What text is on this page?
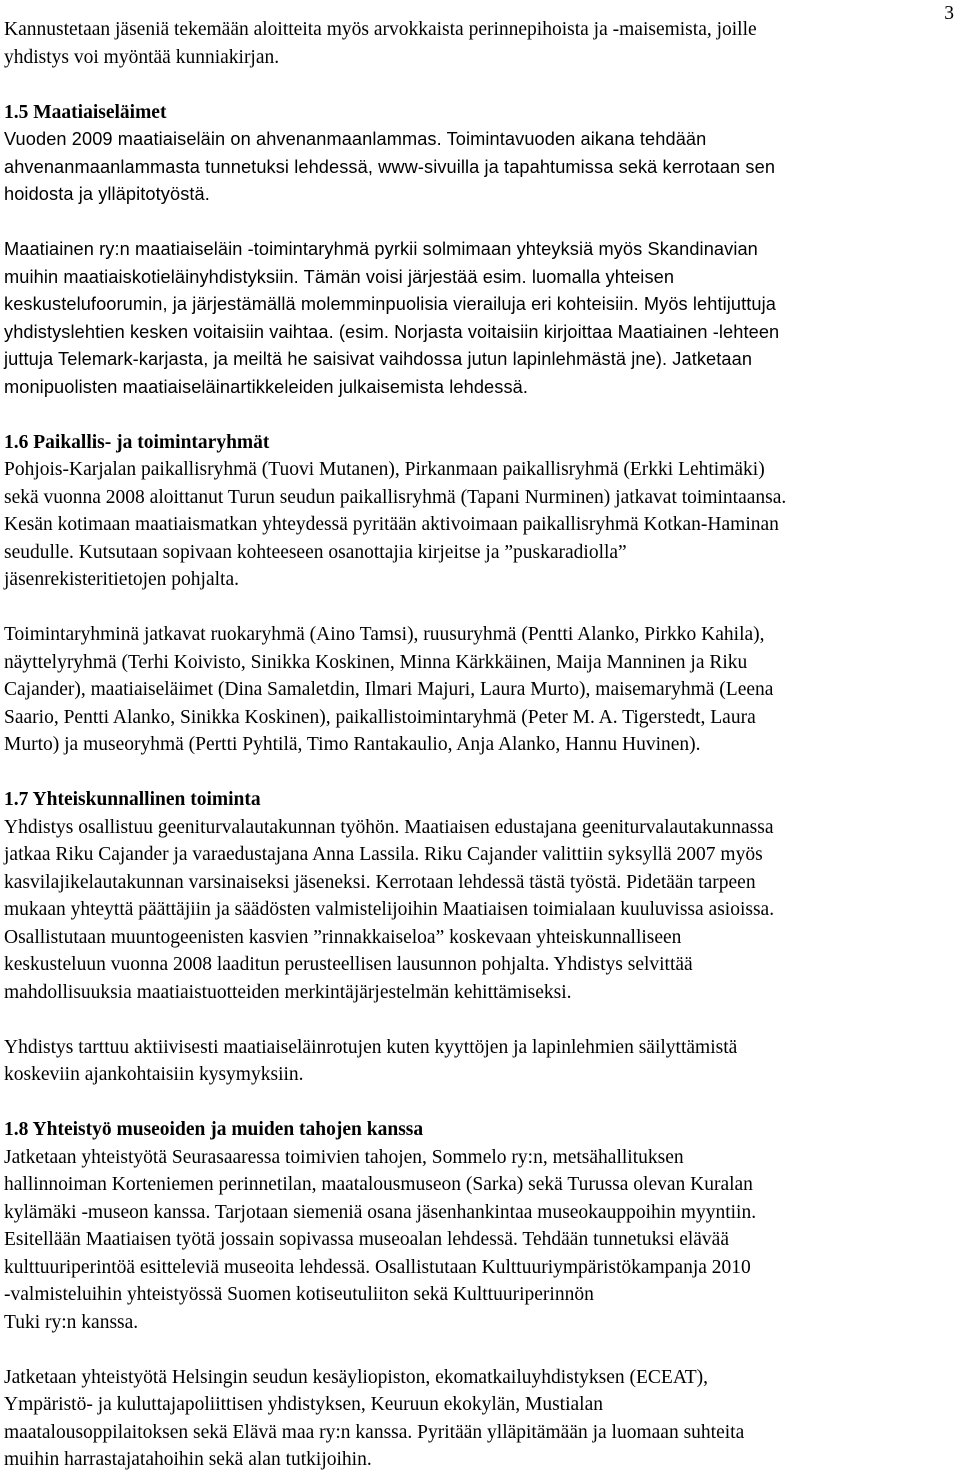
3

Kannustetaan jäseniä tekemään aloitteita myös arvokkaista perinnepihoista ja -maisemista, joille
yhdistys voi myöntää kunniakirjan.

1.5 Maatiaiseläimet

Vuoden 2009 maatiaiseläin on ahvenanmaanlammas. Toimintavuoden aikana tehdään
ahvenanmaanlammasta tunnetuksi lehdessä, www-sivuilla ja tapahtumissa sekä kerrotaan sen
hoidosta ja ylläpitotyöstä.

Maatiainen ry:n maatiaiseläin -toimintaryhmä pyrkii solmimaan yhteyksiä myös Skandinavian
muihin maatiaiskotieläinyhdistyksiin. Tämän voisi järjestää esim. luomalla yhteisen
keskustelufoorumin, ja järjestämällä molemminpuolisia vierailuja eri kohteisiin. Myös lehtijuttuja
yhdistyslehtien kesken voitaisiin vaihtaa. (esim. Norjasta voitaisiin kirjoittaa Maatiainen -lehteen
juttuja Telemark-karjasta, ja meiltä he saisivat vaihdossa jutun lapinlehmästä jne). Jatketaan
monipuolisten maatiaiseläinartikkeleiden julkaisemista lehdessä.

1.6 Paikallis- ja toimintaryhmät

Pohjois-Karjalan paikallisryhmä (Tuovi Mutanen), Pirkanmaan paikallisryhmä (Erkki Lehtimäki)
sekä vuonna 2008 aloittanut Turun seudun paikallisryhmä (Tapani Nurminen) jatkavat toimintaansa.
Kesän kotimaan maatiaismatkan yhteydessä pyritään aktivoimaan paikallisryhmä Kotkan-Haminan
seudulle. Kutsutaan sopivaan kohteeseen osanottajia kirjeitse ja ”puskaradiolla”
jäsenrekisteritietojen pohjalta.

Toimintaryhminä jatkavat ruokaryhmä (Aino Tamsi), ruusuryhmä (Pentti Alanko, Pirkko Kahila),
näyttelyryhmä (Terhi Koivisto, Sinikka Koskinen, Minna Kärkkäinen, Maija Manninen ja Riku
Cajander), maatiaiseläimet (Dina Samaletdin, Ilmari Majuri, Laura Murto), maisemaryhmä (Leena
Saario, Pentti Alanko, Sinikka Koskinen), paikallistoimintaryhmä (Peter M. A. Tigerstedt, Laura
Murto) ja museoryhmä (Pertti Pyhtilä, Timo Rantakaulio, Anja Alanko, Hannu Huvinen).

1.7 Yhteiskunnallinen toiminta

Yhdistys osallistuu geeniturvalautakunnan työhön. Maatiaisen edustajana geeniturvalautakunnassa
jatkaa Riku Cajander ja varaedustajana Anna Lassila. Riku Cajander valittiin syksyllä 2007 myös
kasvilajikelautakunnan varsinaiseksi jäseneksi. Kerrotaan lehdessä tästä työstä. Pidetään tarpeen
mukaan yhteyttä päättäjiin ja säädösten valmistelijoihin Maatiaisen toimialaan kuuluvissa asioissa.
Osallistutaan muuntogeenisten kasvien ”rinnakkaiseloa” koskevaan yhteiskunnalliseen
keskusteluun vuonna 2008 laaditun perusteellisen lausunnon pohjalta. Yhdistys selvittää
mahdollisuuksia maatiaistuotteiden merkintäjärjestelmän kehittämiseksi.

Yhdistys tarttuu aktiivisesti maatiaiseläinrotujen kuten kyyttöjen ja lapinlehmien säilyttämistä
koskeviin ajankohtaisiin kysymyksiin.

1.8 Yhteistyö museoiden ja muiden tahojen kanssa

Jatketaan yhteistyötä Seurasaaressa toimivien tahojen, Sommelo ry:n, metsähallituksen
hallinnoiman Korteniemen perinnetilan, maatalousmuseon (Sarka) sekä Turussa olevan Kuralan
kylämäki -museon kanssa. Tarjotaan siemeniä osana jäsenhankintaa museokauppoihin myyntiin.
Esitellään Maatiaisen työtä jossain sopivassa museoalan lehdessä. Tehdään tunnetuksi elävää
kulttuuriperintöä esitteleviä museoita lehdessä. Osallistutaan Kulttuuriympäristökampanja 2010
-valmisteluihin yhteistyössä Suomen kotiseutuliiton sekä Kulttuuriperinnön
Tuki ry:n kanssa.

Jatketaan yhteistyötä Helsingin seudun kesäyliopiston, ekomatkailuyhdistyksen (ECEAT),
Ympäristö- ja kuluttajapoliittisen yhdistyksen, Keuruun ekokylän, Mustialan
maatalousoppilaitoksen sekä Elävä maa ry:n kanssa. Pyritään ylläpitämään ja luomaan suhteita
muihin harrastajatahoihin sekä alan tutkijoihin.
